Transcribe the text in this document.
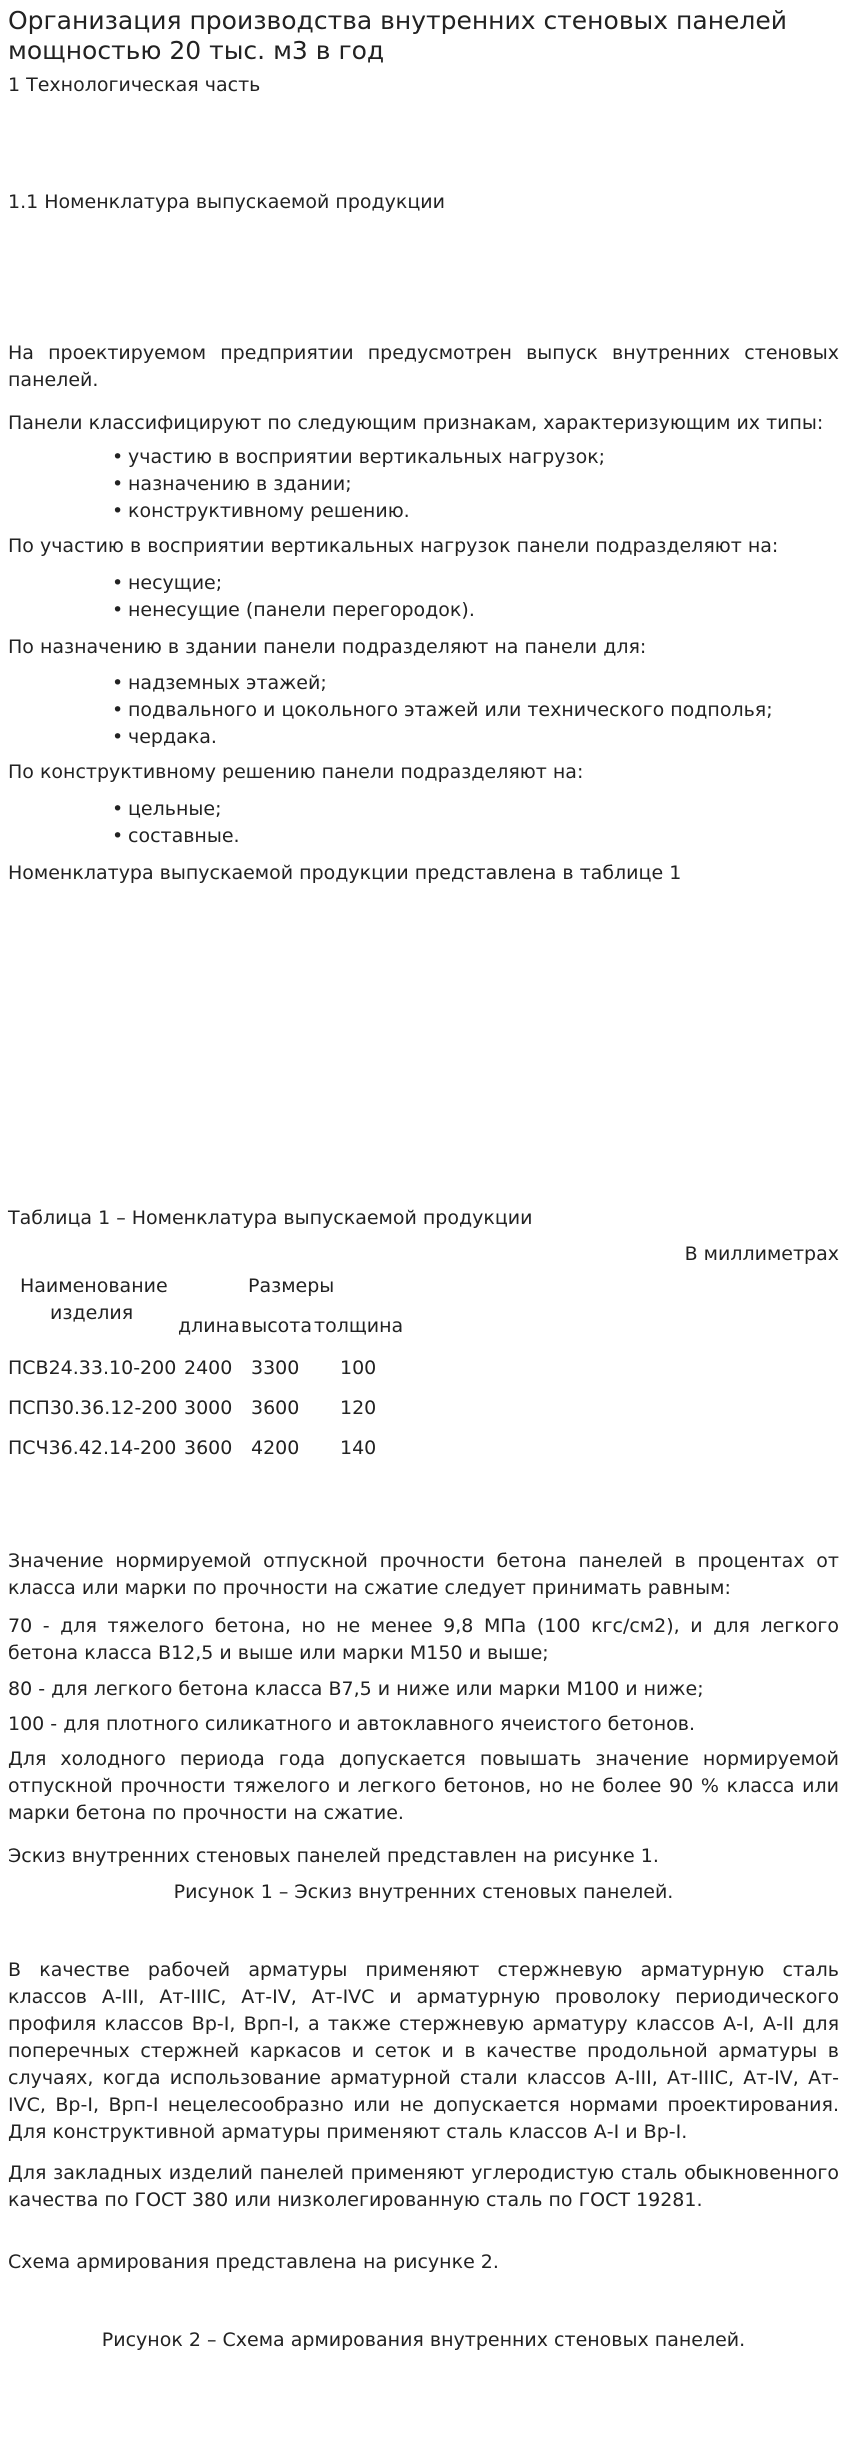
Организация производства внутренних стеновых панелей мощностью 20 тыс. м3 в год

1 Технологическая часть

1.1 Номенклатура выпускаемой продукции

На проектируемом предприятии предусмотрен выпуск внутренних стеновых панелей.

Панели классифицируют по следующим признакам, характеризующим их типы:

• участию в восприятии вертикальных нагрузок;
• назначению в здании;
• конструктивному решению.

По участию в восприятии вертикальных нагрузок панели подразделяют на:

• несущие;
• ненесущие (панели перегородок).

По назначению в здании панели подразделяют на панели для:

• надземных этажей;
• подвального и цокольного этажей или технического подполья;
• чердака.

По конструктивному решению панели подразделяют на:

• цельные;
• составные.

Номенклатура выпускаемой продукции представлена в таблице 1

Таблица 1 – Номенклатура выпускаемой продукции

В миллиметрах

Наименование
изделия
Размеры
длина высота толщина
ПСВ24.33.10-200 2400 3300 100
ПСП30.36.12-200 3000 3600 120
ПСЧ36.42.14-200 3600 4200 140

Значение нормируемой отпускной прочности бетона панелей в процентах от класса или марки по прочности на сжатие следует принимать равным:

70 - для тяжелого бетона, но не менее 9,8 МПа (100 кгс/см2), и для легкого бетона класса B12,5 и выше или марки М150 и выше;

80 - для легкого бетона класса В7,5 и ниже или марки М100 и ниже;

100 - для плотного силикатного и автоклавного ячеистого бетонов.

Для холодного периода года допускается повышать значение нормируемой отпускной прочности тяжелого и легкого бетонов, но не более 90 % класса или марки бетона по прочности на сжатие.

Эскиз внутренних стеновых панелей представлен на рисунке 1.

Рисунок 1 – Эскиз внутренних стеновых панелей.

В качестве рабочей арматуры применяют стержневую арматурную сталь классов А-III, Ат-IIIС, Ат-IV, Ат-IVC и арматурную проволоку периодического профиля классов Вр-I, Врп-I, а также стержневую арматуру классов А-I, А-II для поперечных стержней каркасов и сеток и в качестве продольной арматуры в случаях, когда использование арматурной стали классов А-III, Ат-IIIС, Ат-IV, Ат-IVC, Вр-I, Врп-I нецелесообразно или не допускается нормами проектирования. Для конструктивной арматуры применяют сталь классов А-I и Вр-I.

Для закладных изделий панелей применяют углеродистую сталь обыкновенного качества по ГОСТ 380 или низколегированную сталь по ГОСТ 19281.

Схема армирования представлена на рисунке 2.

Рисунок 2 – Схема армирования внутренних стеновых панелей.
